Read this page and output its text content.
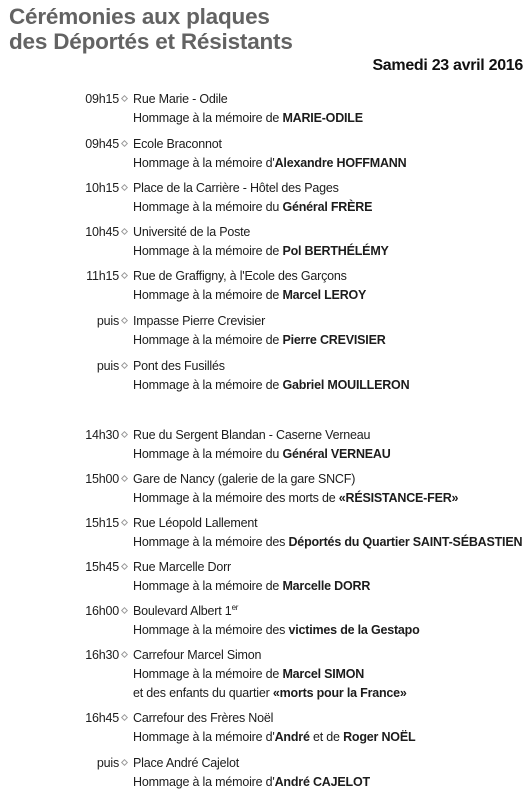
Cérémonies aux plaques
des Déportés et Résistants
Samedi 23 avril 2016
09h15 Rue Marie - Odile
Hommage à la mémoire de MARIE-ODILE
09h45 Ecole Braconnot
Hommage à la mémoire d'Alexandre HOFFMANN
10h15 Place de la Carrière - Hôtel des Pages
Hommage à la mémoire du Général FRÈRE
10h45 Université de la Poste
Hommage à la mémoire de Pol BERTHÉLÉMY
11h15 Rue de Graffigny, à l'Ecole des Garçons
Hommage à la mémoire de Marcel LEROY
puis Impasse Pierre Crevisier
Hommage à la mémoire de Pierre CREVISIER
puis Pont des Fusillés
Hommage à la mémoire de Gabriel MOUILLERON
14h30 Rue du Sergent Blandan - Caserne Verneau
Hommage à la mémoire du Général VERNEAU
15h00 Gare de Nancy (galerie de la gare SNCF)
Hommage à la mémoire des morts de «RÉSISTANCE-FER»
15h15 Rue Léopold Lallement
Hommage à la mémoire des Déportés du Quartier SAINT-SÉBASTIEN
15h45 Rue Marcelle Dorr
Hommage à la mémoire de Marcelle DORR
16h00 Boulevard Albert 1er
Hommage à la mémoire des victimes de la Gestapo
16h30 Carrefour Marcel Simon
Hommage à la mémoire de Marcel SIMON
et des enfants du quartier «morts pour la France»
16h45 Carrefour des Frères Noël
Hommage à la mémoire d'André et de Roger NOËL
puis Place André Cajelot
Hommage à la mémoire d'André CAJELOT
